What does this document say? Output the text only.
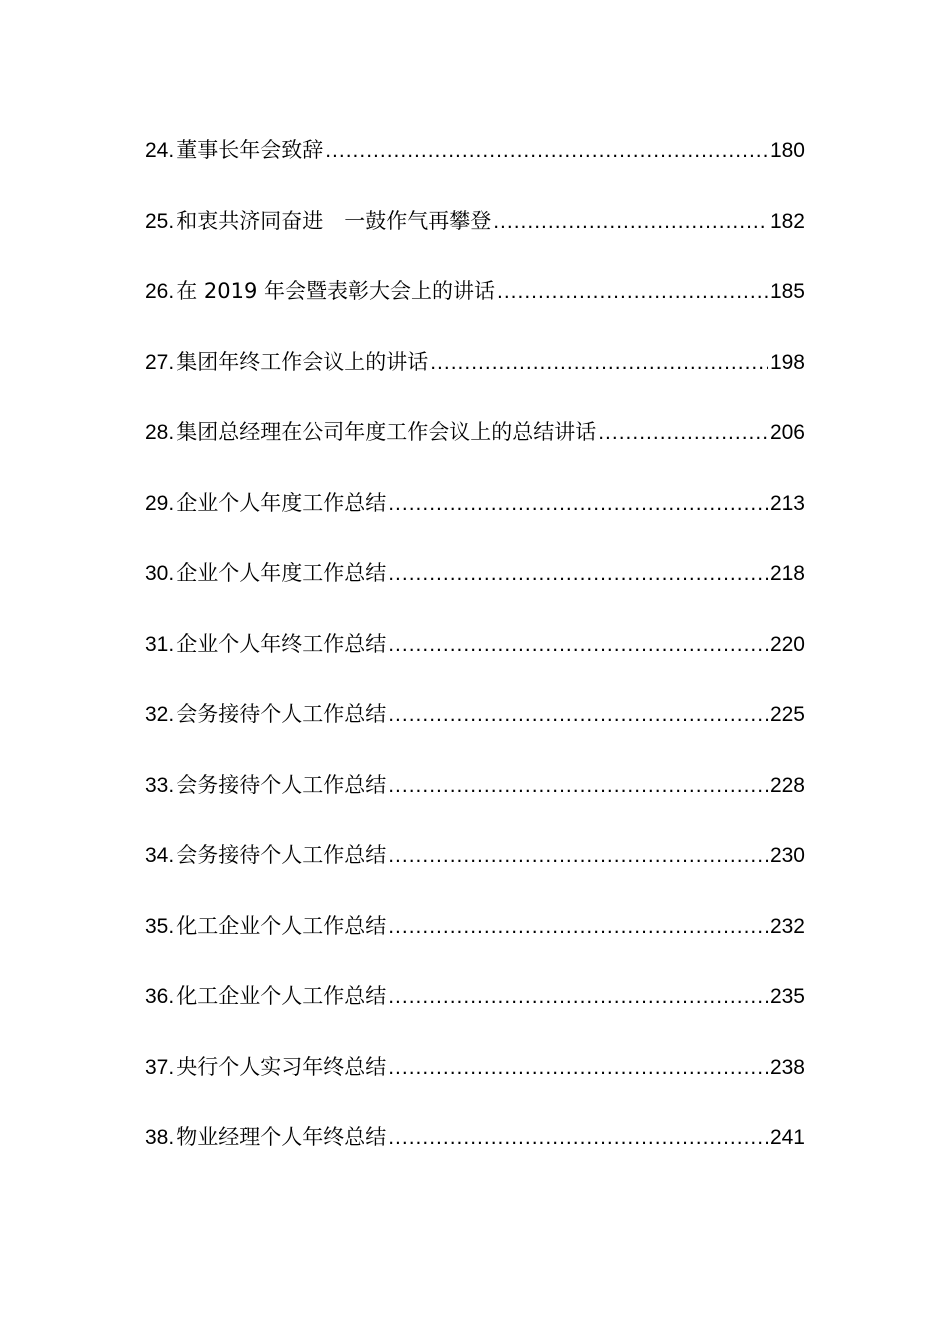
24. 董事长年会致辞 .....	180
25. 和衷共济同奋进　一鼓作气再攀登 .....	182
26. 在 2019 年会暨表彰大会上的讲话 .....	185
27. 集团年终工作会议上的讲话 .....	198
28. 集团总经理在公司年度工作会议上的总结讲话 .....	206
29. 企业个人年度工作总结 .....	213
30. 企业个人年度工作总结 .....	218
31. 企业个人年终工作总结 .....	220
32. 会务接待个人工作总结 .....	225
33. 会务接待个人工作总结 .....	228
34. 会务接待个人工作总结 .....	230
35. 化工企业个人工作总结 .....	232
36. 化工企业个人工作总结 .....	235
37. 央行个人实习年终总结 .....	238
38. 物业经理个人年终总结 .....	241
